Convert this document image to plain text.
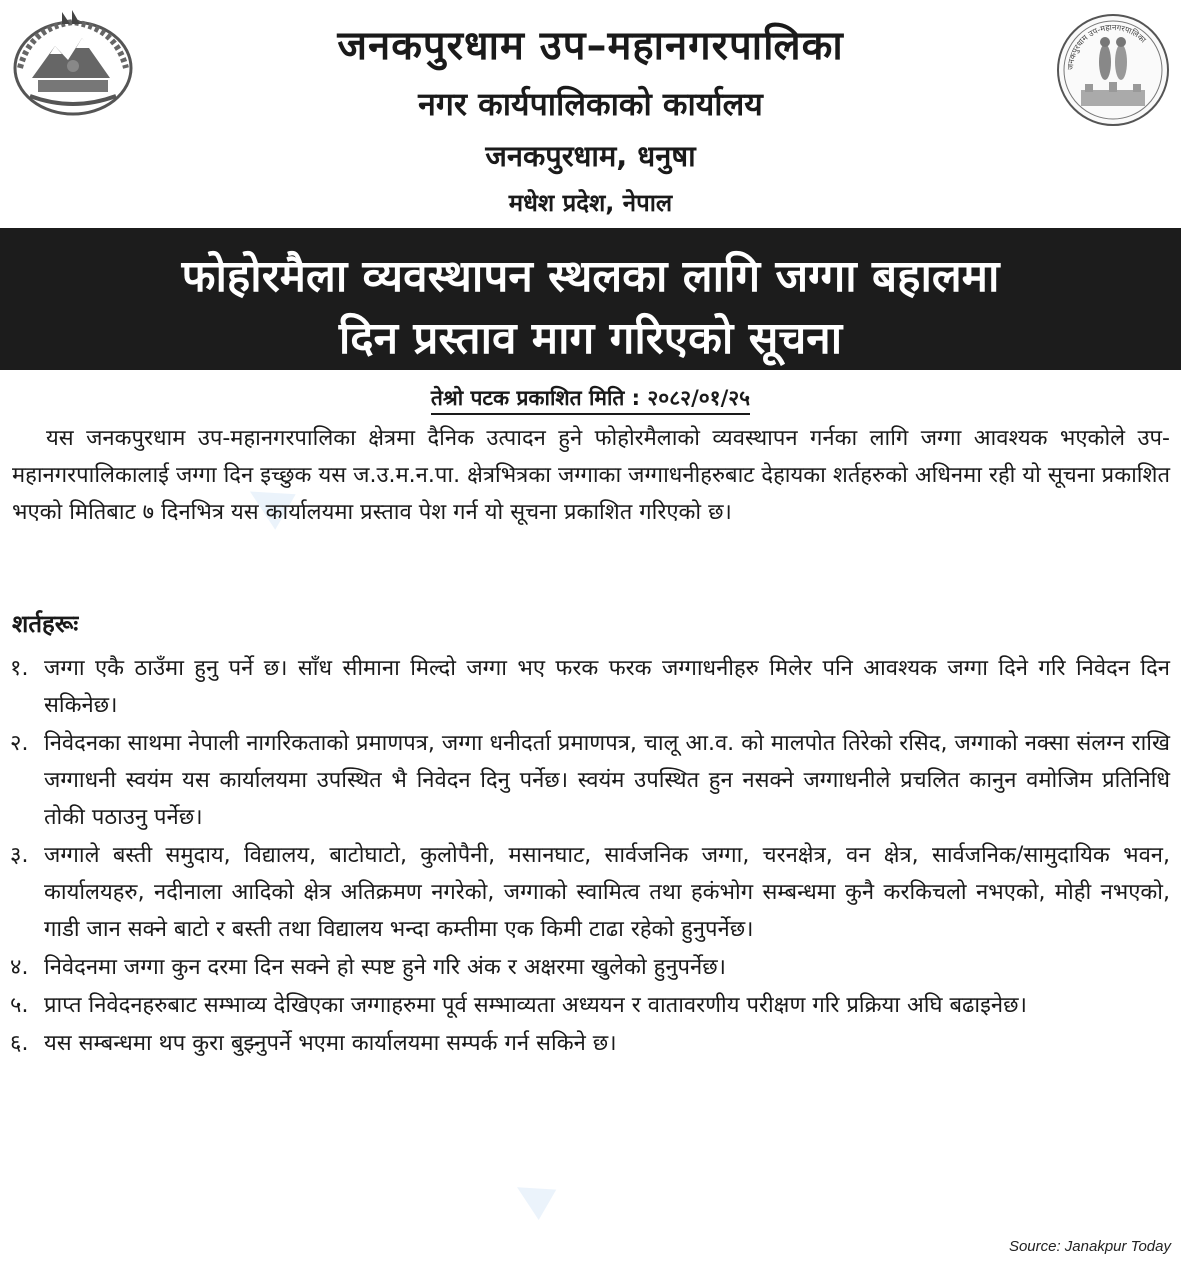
▲
▲
जनकपुरधाम उप–महानगरपालिका
नगर कार्यपालिकाको कार्यालय
जनकपुरधाम, धनुषा
मधेश प्रदेश, नेपाल
जनकपुरधाम उप-महानगरपालिका
फोहोरमैला व्यवस्थापन स्थलका लागि जग्गा बहालमा
दिन प्रस्ताव माग गरिएको सूचना
तेश्रो पटक प्रकाशित मिति : २०८२/०१/२५

यस जनकपुरधाम उप-महानगरपालिका क्षेत्रमा दैनिक उत्पादन हुने फोहोरमैलाको व्यवस्थापन गर्नका लागि जग्गा आवश्यक भएकोले उप-महानगरपालिकालाई जग्गा दिन इच्छुक यस ज.उ.म.न.पा. क्षेत्रभित्रका जग्गाका जग्गाधनीहरुबाट देहायका शर्तहरुको अधिनमा रही यो सूचना प्रकाशित भएको मितिबाट ७ दिनभित्र यस कार्यालयमा प्रस्ताव पेश गर्न यो सूचना प्रकाशित गरिएको छ।

शर्तहरूः
१. जग्गा एकै ठाउँमा हुनु पर्ने छ। साँध सीमाना मिल्दो जग्गा भए फरक फरक जग्गाधनीहरु मिलेर पनि आवश्यक जग्गा दिने गरि निवेदन दिन सकिनेछ।
२. निवेदनका साथमा नेपाली नागरिकताको प्रमाणपत्र, जग्गा धनीदर्ता प्रमाणपत्र, चालू आ.व. को मालपोत तिरेको रसिद, जग्गाको नक्सा संलग्न राखि जग्गाधनी स्वयंम यस कार्यालयमा उपस्थित भै निवेदन दिनु पर्नेछ। स्वयंम उपस्थित हुन नसक्ने जग्गाधनीले प्रचलित कानुन वमोजिम प्रतिनिधि तोकी पठाउनु पर्नेछ।
३. जग्गाले बस्ती समुदाय, विद्यालय, बाटोघाटो, कुलोपैनी, मसानघाट, सार्वजनिक जग्गा, चरनक्षेत्र, वन क्षेत्र, सार्वजनिक/सामुदायिक भवन, कार्यालयहरु, नदीनाला आदिको क्षेत्र अतिक्रमण नगरेको, जग्गाको स्वामित्व तथा हकंभोग सम्बन्धमा कुनै करकिचलो नभएको, मोही नभएको, गाडी जान सक्ने बाटो र बस्ती तथा विद्यालय भन्दा कम्तीमा एक किमी टाढा रहेको हुनुपर्नेछ।
४. निवेदनमा जग्गा कुन दरमा दिन सक्ने हो स्पष्ट हुने गरि अंक र अक्षरमा खुलेको हुनुपर्नेछ।
५. प्राप्त निवेदनहरुबाट सम्भाव्य देखिएका जग्गाहरुमा पूर्व सम्भाव्यता अध्ययन र वातावरणीय परीक्षण गरि प्रक्रिया अघि बढाइनेछ।
६. यस सम्बन्धमा थप कुरा बुझ्नुपर्ने भएमा कार्यालयमा सम्पर्क गर्न सकिने छ।
Source: Janakpur Today
